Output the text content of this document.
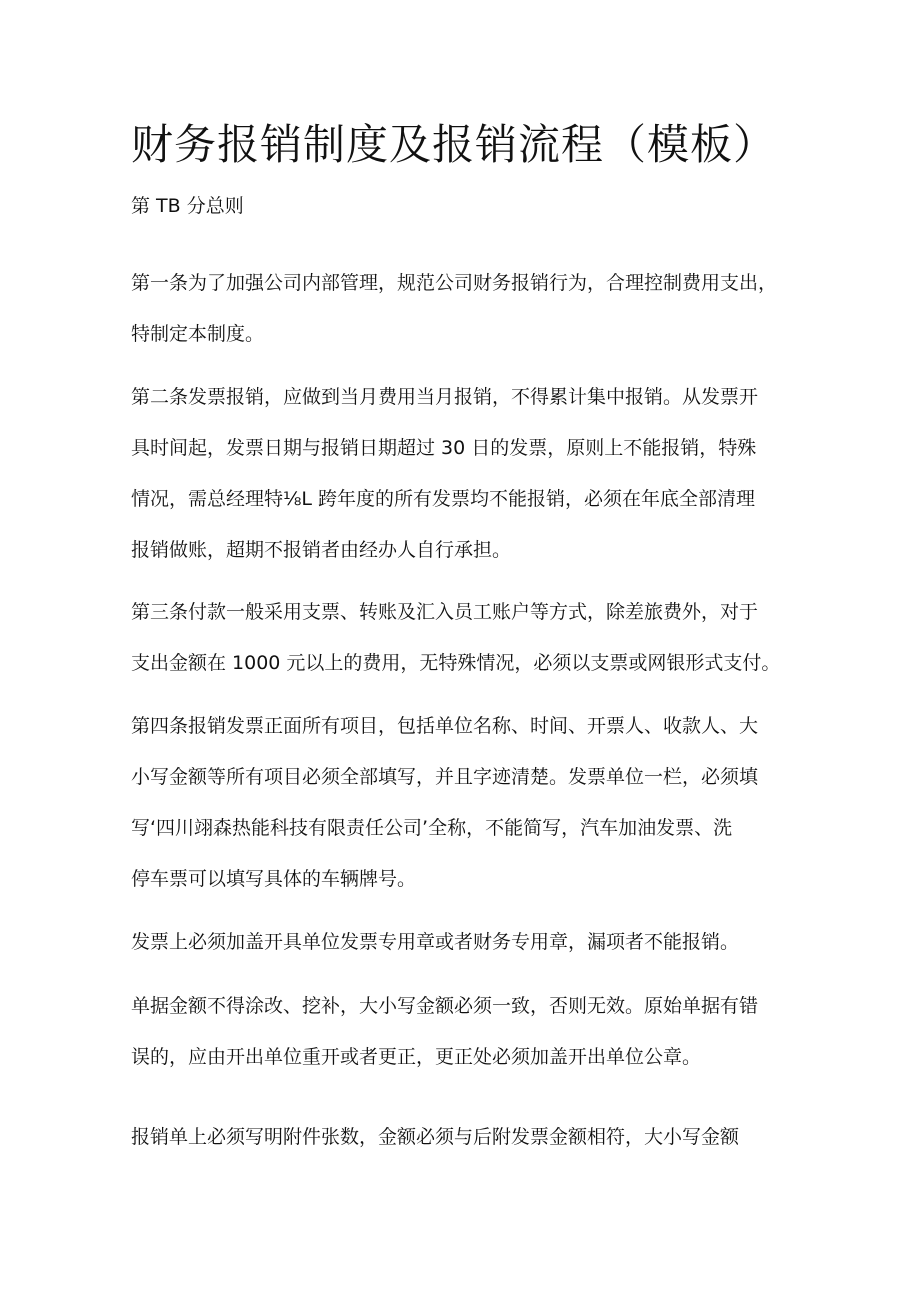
财务报销制度及报销流程（模板）
第 TB 分总则
第一条为了加强公司内部管理，规范公司财务报销行为，合理控制费用支出，
特制定本制度。
第二条发票报销，应做到当月费用当月报销，不得累计集中报销。从发票开
具时间起，发票日期与报销日期超过 30 日的发票，原则上不能报销，特殊
情况，需总经理特⅛L 跨年度的所有发票均不能报销，必须在年底全部清理
报销做账，超期不报销者由经办人自行承担。
第三条付款一般采用支票、转账及汇入员工账户等方式，除差旅费外，对于
支出金额在 1000 元以上的费用，无特殊情况，必须以支票或网银形式支付。
第四条报销发票正面所有项目，包括单位名称、时间、开票人、收款人、大
小写金额等所有项目必须全部填写，并且字迹清楚。发票单位一栏，必须填
写‘四川翊森热能科技有限责任公司’全称，不能简写，汽车加油发票、洗
停车票可以填写具体的车辆牌号。
发票上必须加盖开具单位发票专用章或者财务专用章，漏项者不能报销。
单据金额不得涂改、挖补，大小写金额必须一致，否则无效。原始单据有错
误的，应由开出单位重开或者更正，更正处必须加盖开出单位公章。
报销单上必须写明附件张数，金额必须与后附发票金额相符，大小写金额
